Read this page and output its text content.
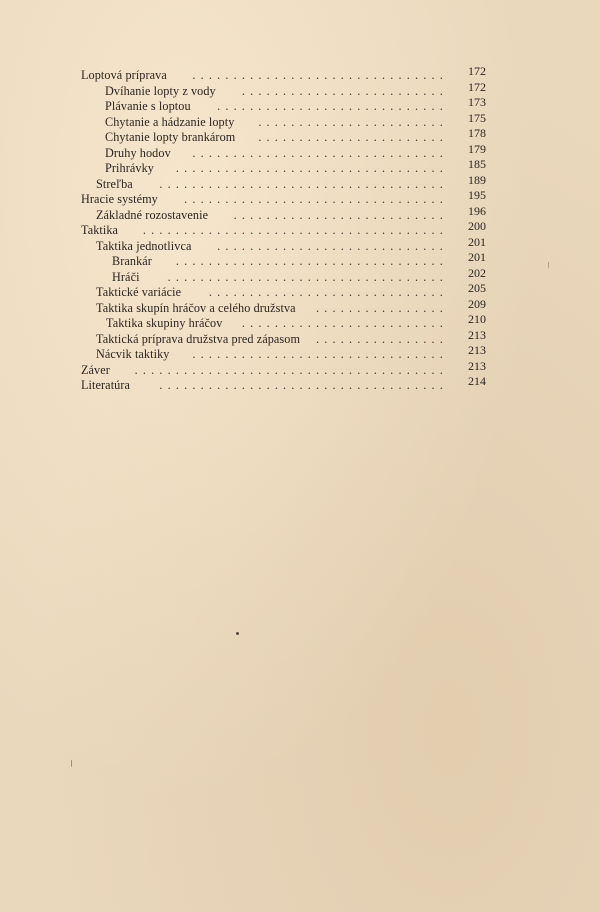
Loptová príprava	...............................	172
Dvíhanie lopty z vody	.........................	172
Plávanie s loptou	............................	173
Chytanie a hádzanie lopty	.......................	175
Chytanie lopty brankárom	.......................	178
Druhy hodov	...............................	179
Prihrávky	.................................	185
Streľba	...................................	189
Hracie systémy	................................	195
Základné rozostavenie	..........................	196
Taktika	.....................................	200
Taktika jednotlivca	............................	201
Brankár	.................................	201
Hráči	..................................	202
Taktické variácie	.............................	205
Taktika skupín hráčov a celého družstva	................	209
Taktika skupiny hráčov	.........................	210
Taktická príprava družstva pred zápasom	................	213
Nácvik taktiky	...............................	213
Záver	......................................	213
Literatúra	...................................	214
